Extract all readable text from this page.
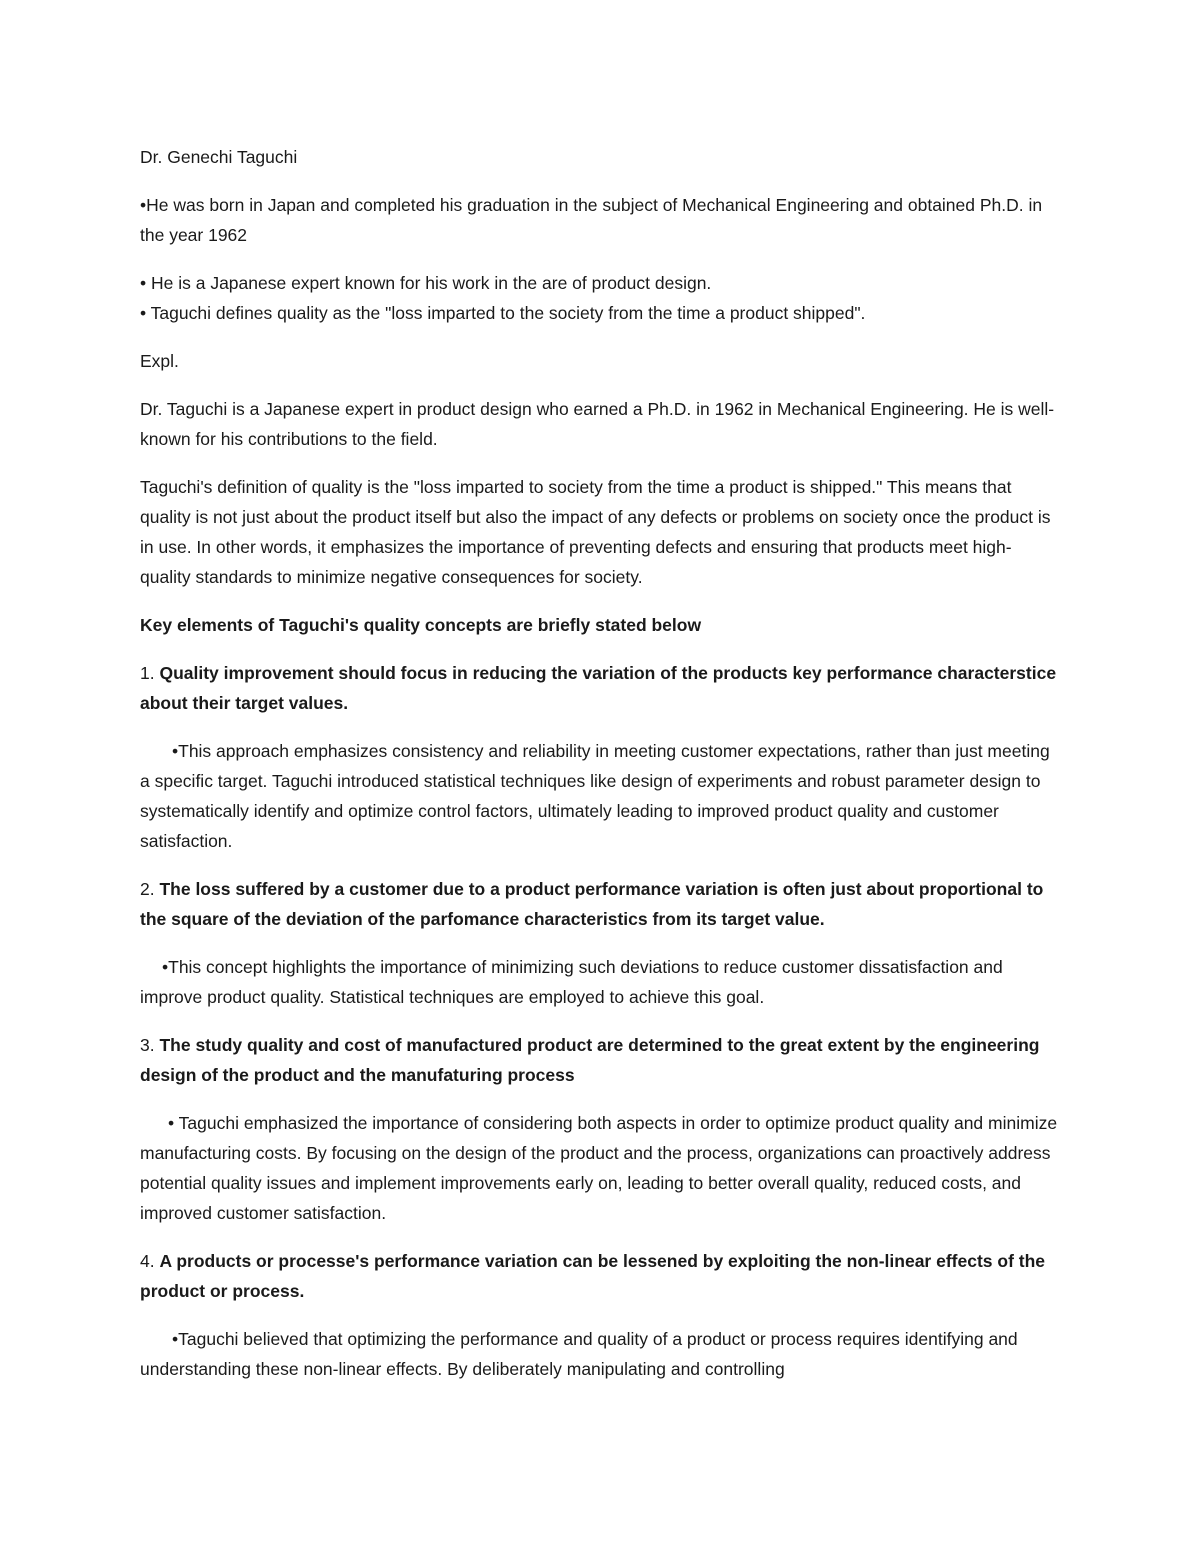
Dr. Genechi Taguchi

•He was born in Japan and completed his graduation in the subject of Mechanical Engineering and obtained Ph.D. in the year 1962

• He is a Japanese expert known for his work in the are of product design.

• Taguchi defines quality as the "loss imparted to the society from the time a product shipped".

Expl.

Dr. Taguchi is a Japanese expert in product design who earned a Ph.D. in 1962 in Mechanical Engineering. He is well-known for his contributions to the field.

Taguchi's definition of quality is the "loss imparted to society from the time a product is shipped." This means that quality is not just about the product itself but also the impact of any defects or problems on society once the product is in use. In other words, it emphasizes the importance of preventing defects and ensuring that products meet high-quality standards to minimize negative consequences for society.

Key elements of Taguchi's quality concepts are briefly stated below

1. Quality improvement should focus in reducing the variation of the products key performance characterstice about their target values.

•This approach emphasizes consistency and reliability in meeting customer expectations, rather than just meeting a specific target. Taguchi introduced statistical techniques like design of experiments and robust parameter design to systematically identify and optimize control factors, ultimately leading to improved product quality and customer satisfaction.

2. The loss suffered by a customer due to a product performance variation is often just about proportional to the square of the deviation of the parfomance characteristics from its target value.

•This concept highlights the importance of minimizing such deviations to reduce customer dissatisfaction and improve product quality. Statistical techniques are employed to achieve this goal.

3. The study quality and cost of manufactured product are determined to the great extent by the engineering design of the product and the manufaturing process

• Taguchi emphasized the importance of considering both aspects in order to optimize product quality and minimize manufacturing costs. By focusing on the design of the product and the process, organizations can proactively address potential quality issues and implement improvements early on, leading to better overall quality, reduced costs, and improved customer satisfaction.

4. A products or processe's performance variation can be lessened by exploiting the non-linear effects of the product or process.

•Taguchi believed that optimizing the performance and quality of a product or process requires identifying and understanding these non-linear effects. By deliberately manipulating and controlling
